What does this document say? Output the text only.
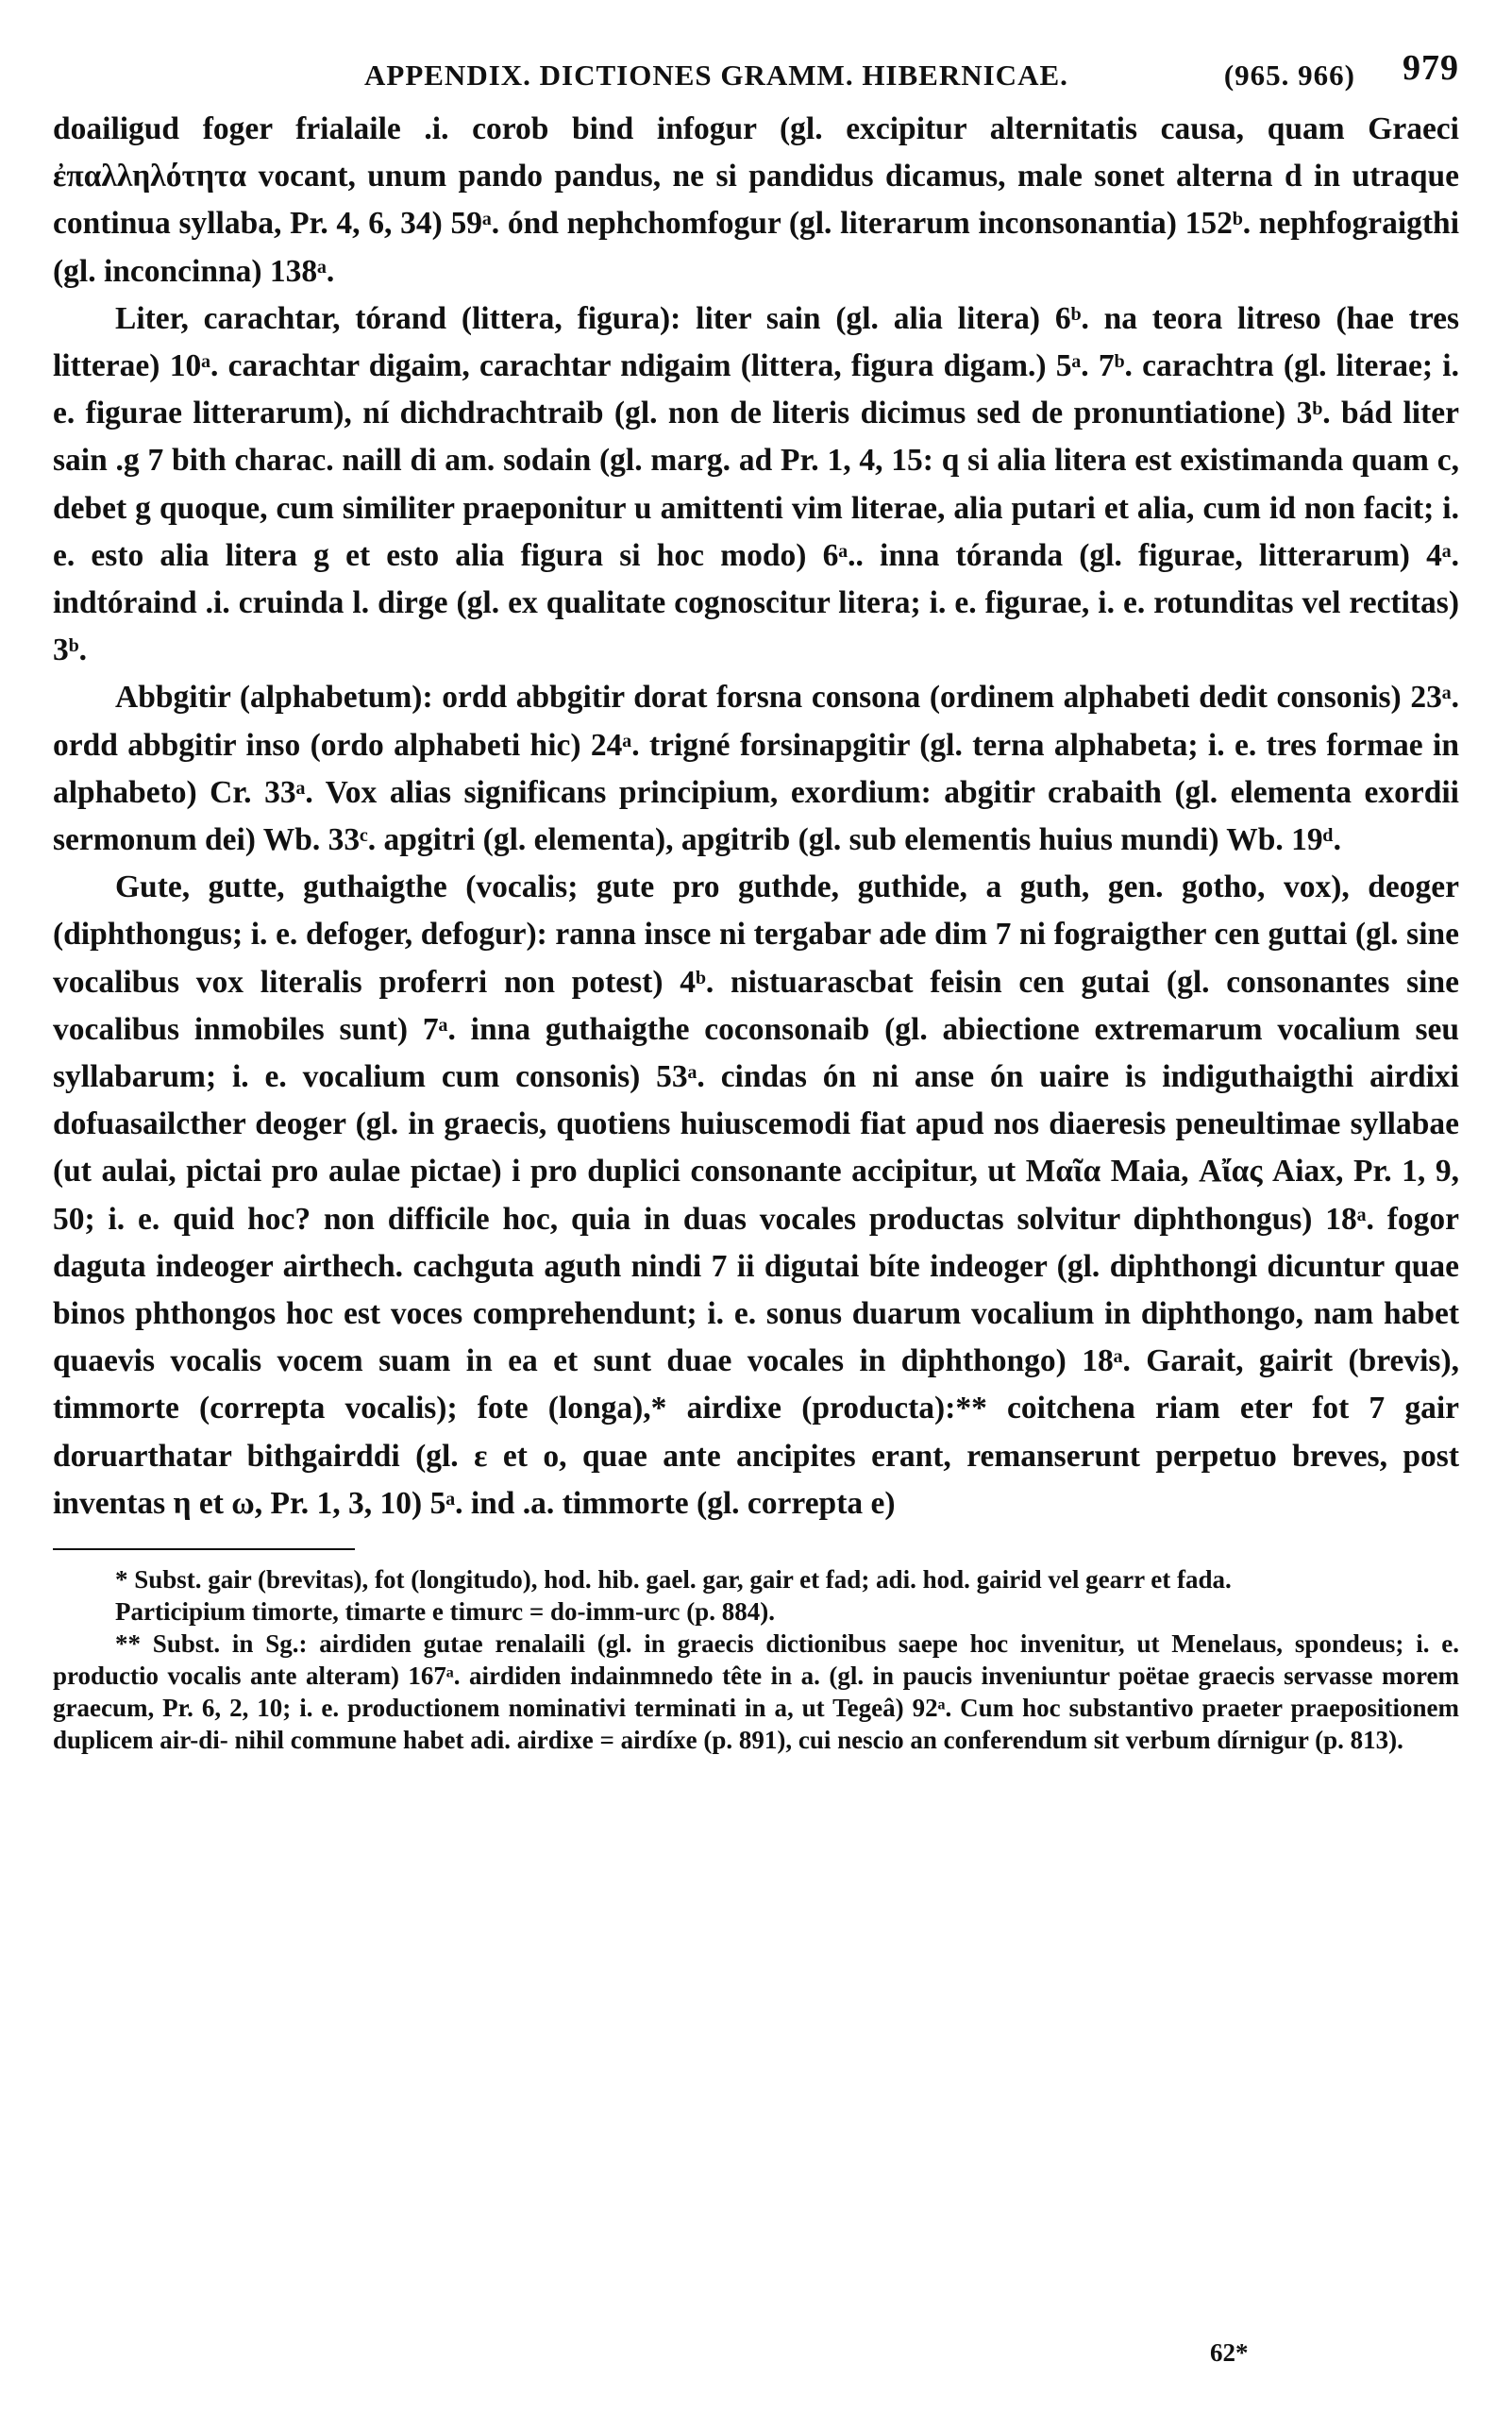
APPENDIX. DICTIONES GRAMM. HIBERNICAE.	(965. 966) 979

doailigud foger frialaile .i. corob bind infogur (gl. excipitur alternitatis causa, quam Graeci ἐπαλληλότητα vocant, unum pando pandus, ne si pandidus dicamus, male sonet alterna d in utraque continua syllaba, Pr. 4, 6, 34) 59ᵃ. ónd nephchomfogur (gl. literarum inconsonantia) 152ᵇ. nephfograigthi (gl. inconcinna) 138ᵃ.

Liter, carachtar, tórand (littera, figura): liter sain (gl. alia litera) 6ᵇ. na teora litreso (hae tres litterae) 10ᵃ. carachtar digaim, carachtar ndigaim (littera, figura digam.) 5ᵃ. 7ᵇ. carachtra (gl. literae; i. e. figurae litterarum), ní dichdrachtraib (gl. non de literis dicimus sed de pronuntiatione) 3ᵇ. bád liter sain .g 7 bith charac. naill di am. sodain (gl. marg. ad Pr. 1, 4, 15: q si alia litera est existimanda quam c, debet g quoque, cum similiter praeponitur u amittenti vim literae, alia putari et alia, cum id non facit; i. e. esto alia litera g et esto alia figura si hoc modo) 6ᵃ.. inna tóranda (gl. figurae, litterarum) 4ᵃ. indtóraind .i. cruinda l. dirge (gl. ex qualitate cognoscitur litera; i. e. figurae, i. e. rotunditas vel rectitas) 3ᵇ.

Abbgitir (alphabetum): ordd abbgitir dorat forsna consona (ordinem alphabeti dedit consonis) 23ᵃ. ordd abbgitir inso (ordo alphabeti hic) 24ᵃ. trigné forsinapgitir (gl. terna alphabeta; i. e. tres formae in alphabeto) Cr. 33ᵃ. Vox alias significans principium, exordium: abgitir crabaith (gl. elementa exordii sermonum dei) Wb. 33ᶜ. apgitri (gl. elementa), apgitrib (gl. sub elementis huius mundi) Wb. 19ᵈ.

Gute, gutte, guthaigthe (vocalis; gute pro guthde, guthide, a guth, gen. gotho, vox), deoger (diphthongus; i. e. defoger, defogur): ranna insce ni tergabar ade dim 7 ni fograigther cen guttai (gl. sine vocalibus vox literalis proferri non potest) 4ᵇ. nistuarascbat feisin cen gutai (gl. consonantes sine vocalibus inmobiles sunt) 7ᵃ. inna guthaigthe coconsonaib (gl. abiectione extremarum vocalium seu syllabarum; i. e. vocalium cum consonis) 53ᵃ. cindas ón ni anse ón uaire is indiguthaigthi airdixi dofuasailcther deoger (gl. in graecis, quotiens huiuscemodi fiat apud nos diaeresis peneultimae syllabae (ut aulai, pictai pro aulae pictae) i pro duplici consonante accipitur, ut Μαῖα Maia, Αἴας Aiax, Pr. 1, 9, 50; i. e. quid hoc? non difficile hoc, quia in duas vocales productas solvitur diphthongus) 18ᵃ. fogor daguta indeoger airthech. cachguta aguth nindi 7 ii digutai bíte indeoger (gl. diphthongi dicuntur quae binos phthongos hoc est voces comprehendunt; i. e. sonus duarum vocalium in diphthongo, nam habet quaevis vocalis vocem suam in ea et sunt duae vocales in diphthongo) 18ᵃ. Garait, gairit (brevis), timmorte (correpta vocalis); fote (longa),* airdixe (producta):** coitchena riam eter fot 7 gair doruarthatar bithgairddi (gl. ε et ο, quae ante ancipites erant, remanserunt perpetuo breves, post inventas η et ω, Pr. 1, 3, 10) 5ᵃ. ind .a. timmorte (gl. correpta e)

* Subst. gair (brevitas), fot (longitudo), hod. hib. gael. gar, gair et fad; adi. hod. gairid vel gearr et fada.

Participium timorte, timarte e timurc = do-imm-urc (p. 884).

** Subst. in Sg.: airdiden gutae renalaili (gl. in graecis dictionibus saepe hoc invenitur, ut Menelaus, spondeus; i. e. productio vocalis ante alteram) 167ᵃ. airdiden indainmnedo tête in a. (gl. in paucis inveniuntur poëtae graecis servasse morem graecum, Pr. 6, 2, 10; i. e. productionem nominativi terminati in a, ut Tegeâ) 92ᵃ. Cum hoc substantivo praeter praepositionem duplicem air-di- nihil commune habet adi. airdixe = airdíxe (p. 891), cui nescio an conferendum sit verbum dírnigur (p. 813).

62*
